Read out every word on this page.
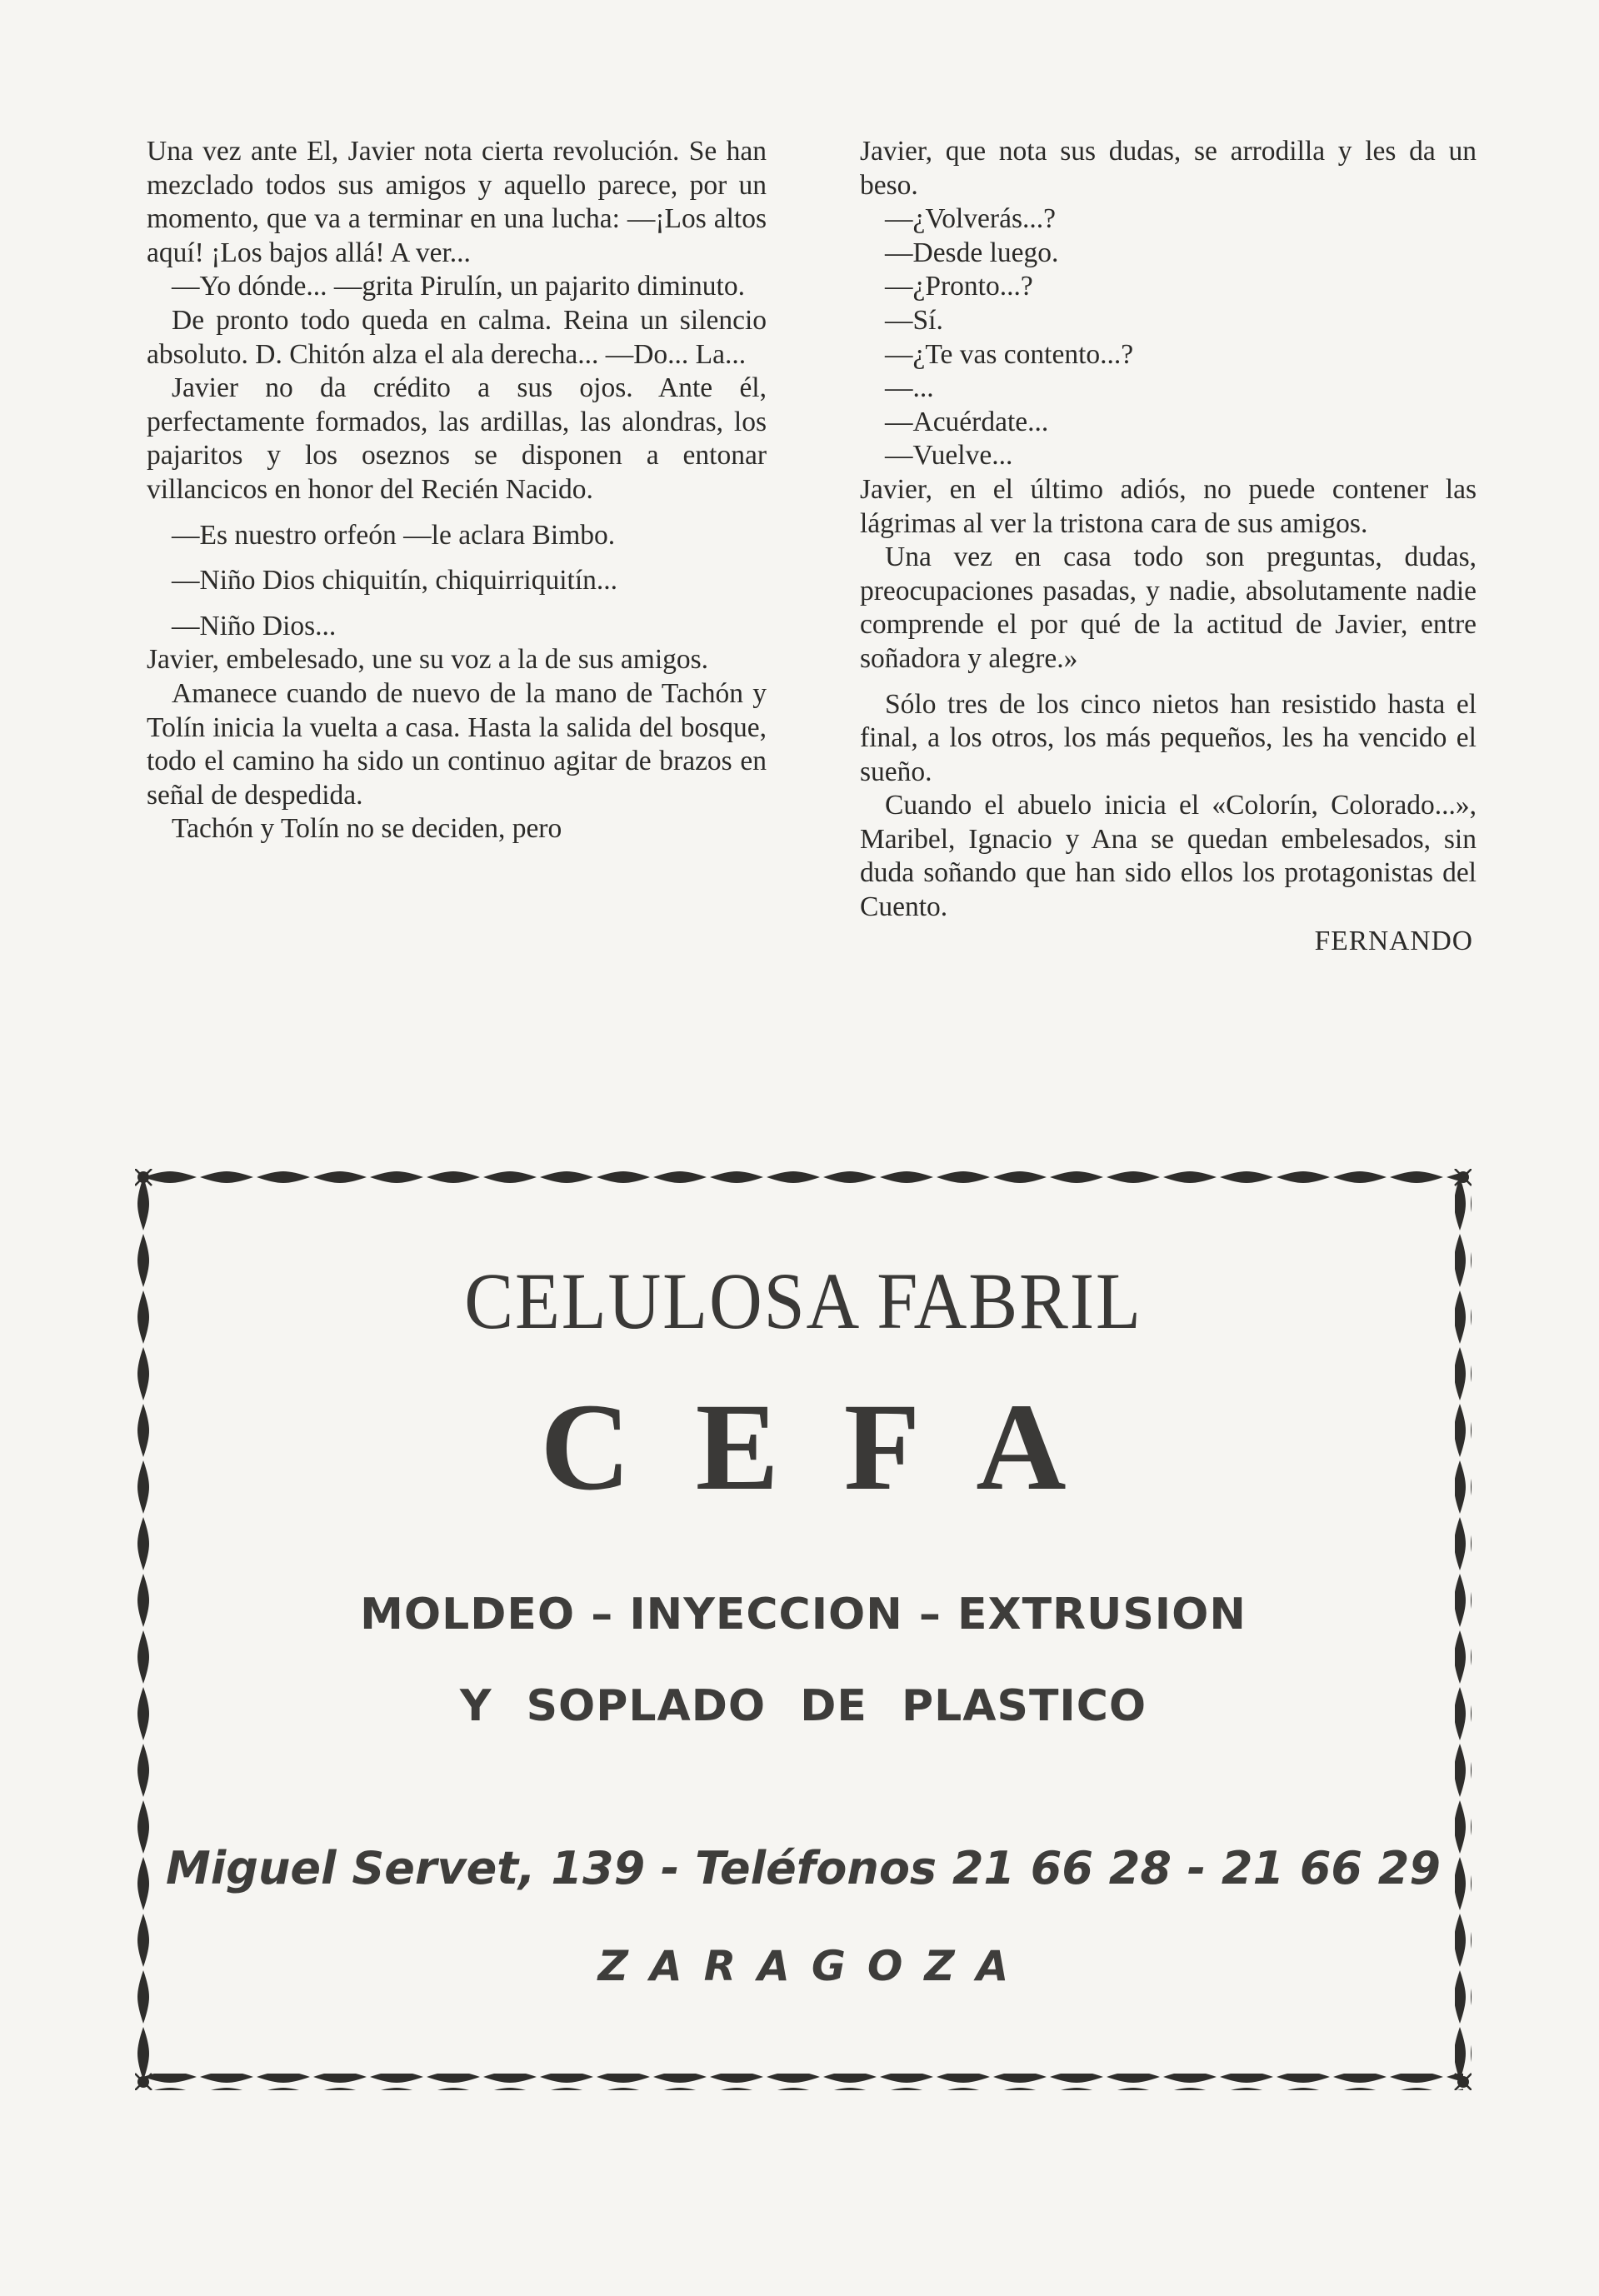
Una vez ante El, Javier nota cierta revolución. Se han mezclado todos sus amigos y aquello parece, por un momento, que va a terminar en una lucha: —¡Los altos aquí! ¡Los bajos allá! A ver...

—Yo dónde... —grita Pirulín, un pajarito diminuto.

De pronto todo queda en calma. Reina un silencio absoluto. D. Chitón alza el ala derecha... —Do... La...

Javier no da crédito a sus ojos. Ante él, perfectamente formados, las ardillas, las alondras, los pajaritos y los oseznos se disponen a entonar villancicos en honor del Recién Nacido.

—Es nuestro orfeón —le aclara Bimbo.

—Niño Dios chiquitín, chiquirriquitín...

—Niño Dios...

Javier, embelesado, une su voz a la de sus amigos.

Amanece cuando de nuevo de la mano de Tachón y Tolín inicia la vuelta a casa. Hasta la salida del bosque, todo el camino ha sido un continuo agitar de brazos en señal de despedida.

Tachón y Tolín no se deciden, pero

Javier, que nota sus dudas, se arrodilla y les da un beso.

—¿Volverás...?

—Desde luego.

—¿Pronto...?

—Sí.

—¿Te vas contento...?

—...

—Acuérdate...

—Vuelve...

Javier, en el último adiós, no puede contener las lágrimas al ver la tristona cara de sus amigos.

Una vez en casa todo son preguntas, dudas, preocupaciones pasadas, y nadie, absolutamente nadie comprende el por qué de la actitud de Javier, entre soñadora y alegre.»

Sólo tres de los cinco nietos han resistido hasta el final, a los otros, los más pequeños, les ha vencido el sueño.

Cuando el abuelo inicia el «Colorín, Colorado...», Maribel, Ignacio y Ana se quedan embelesados, sin duda soñando que han sido ellos los protagonistas del Cuento.

FERNANDO

CELULOSA FABRIL
CEFA
MOLDEO – INYECCION – EXTRUSION
Y SOPLADO DE PLASTICO
Miguel Servet, 139 - Teléfonos 21 66 28 - 21 66 29
ZARAGOZA
